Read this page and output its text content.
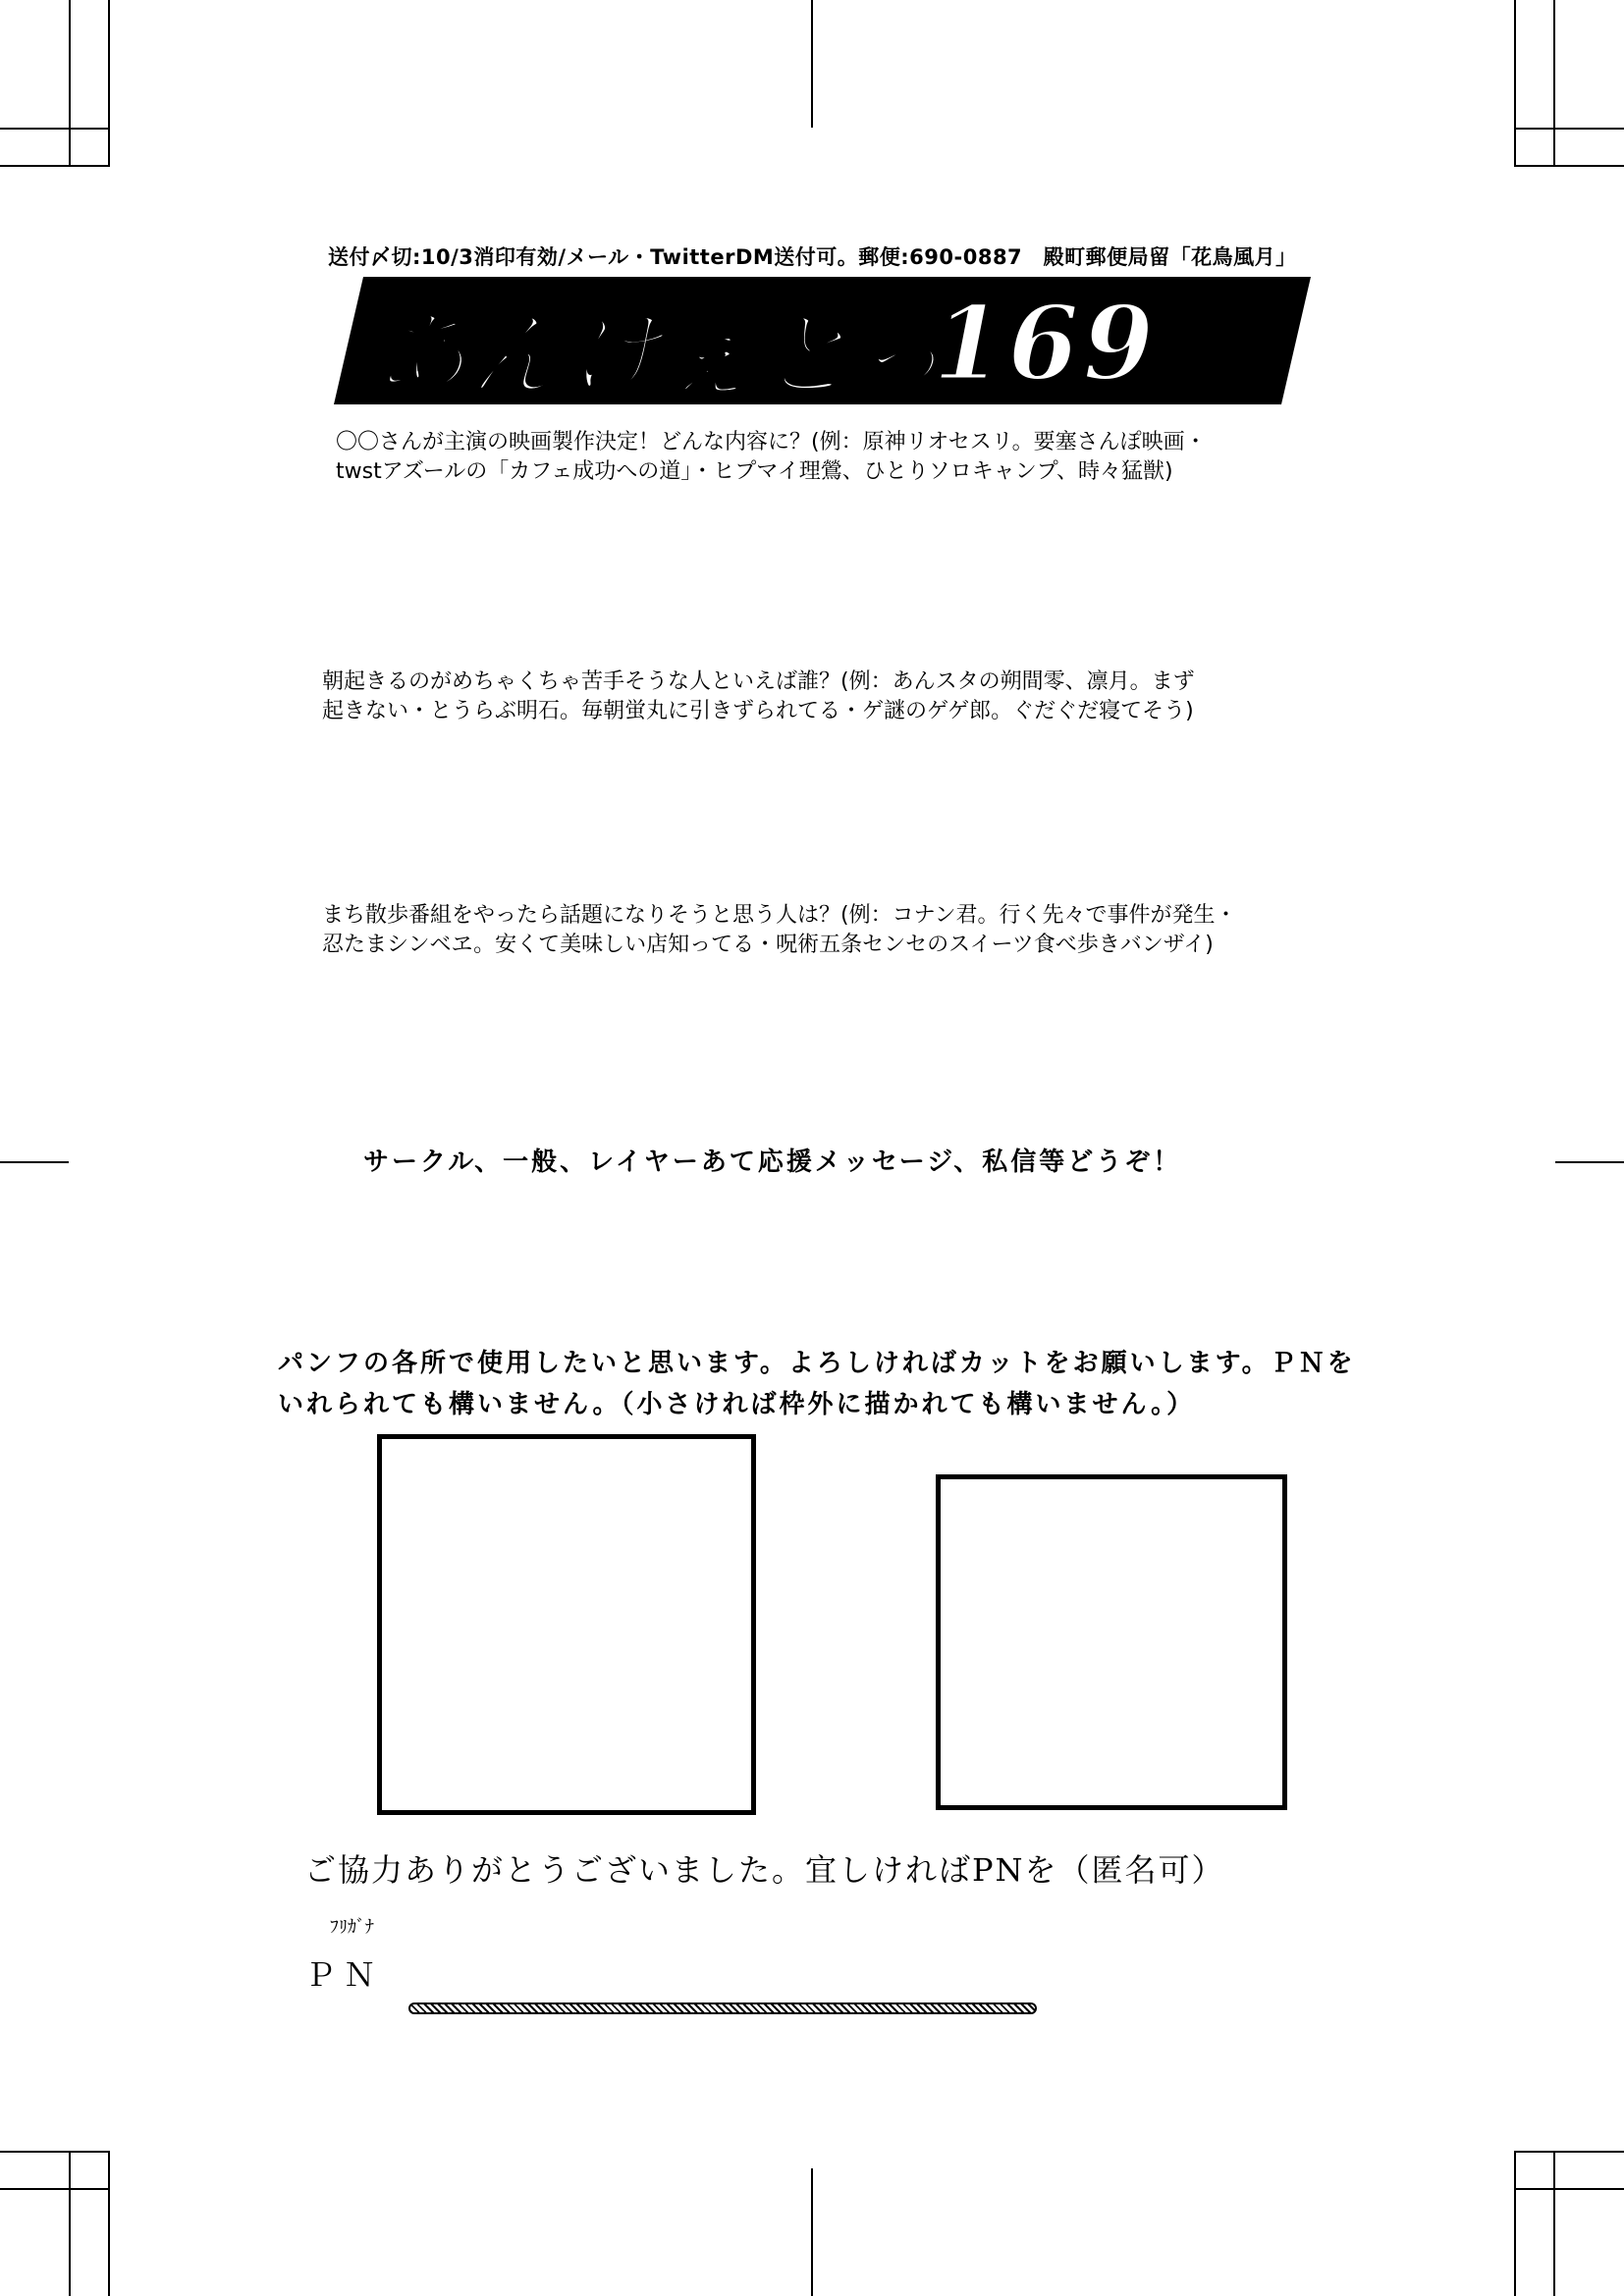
送付〆切:10/3消印有効/メール・TwitterDM送付可。郵便:690-0887　殿町郵便局留「花鳥風月」
あんけぇとっ
169
〇〇さんが主演の映画製作決定！どんな内容に？(例：原神リオセスリ。要塞さんぽ映画・
twstアズールの「カフェ成功への道」・ヒプマイ理鶯、ひとりソロキャンプ、時々猛獣)
朝起きるのがめちゃくちゃ苦手そうな人といえば誰？(例：あんスタの朔間零、凛月。まず
起きない・とうらぶ明石。毎朝蛍丸に引きずられてる・ゲ謎のゲゲ郎。ぐだぐだ寝てそう)
まち散歩番組をやったら話題になりそうと思う人は？(例：コナン君。行く先々で事件が発生・
忍たまシンベヱ。安くて美味しい店知ってる・呪術五条センセのスイーツ食べ歩きバンザイ)
サークル、一般、レイヤーあて応援メッセージ、私信等どうぞ！
パンフの各所で使用したいと思います。よろしければカットをお願いします。ＰＮを
いれられても構いません。（小さければ枠外に描かれても構いません。）
ご協力ありがとうございました。宜しければPNを（匿名可）
ﾌﾘｶﾞﾅ
ＰＮ
